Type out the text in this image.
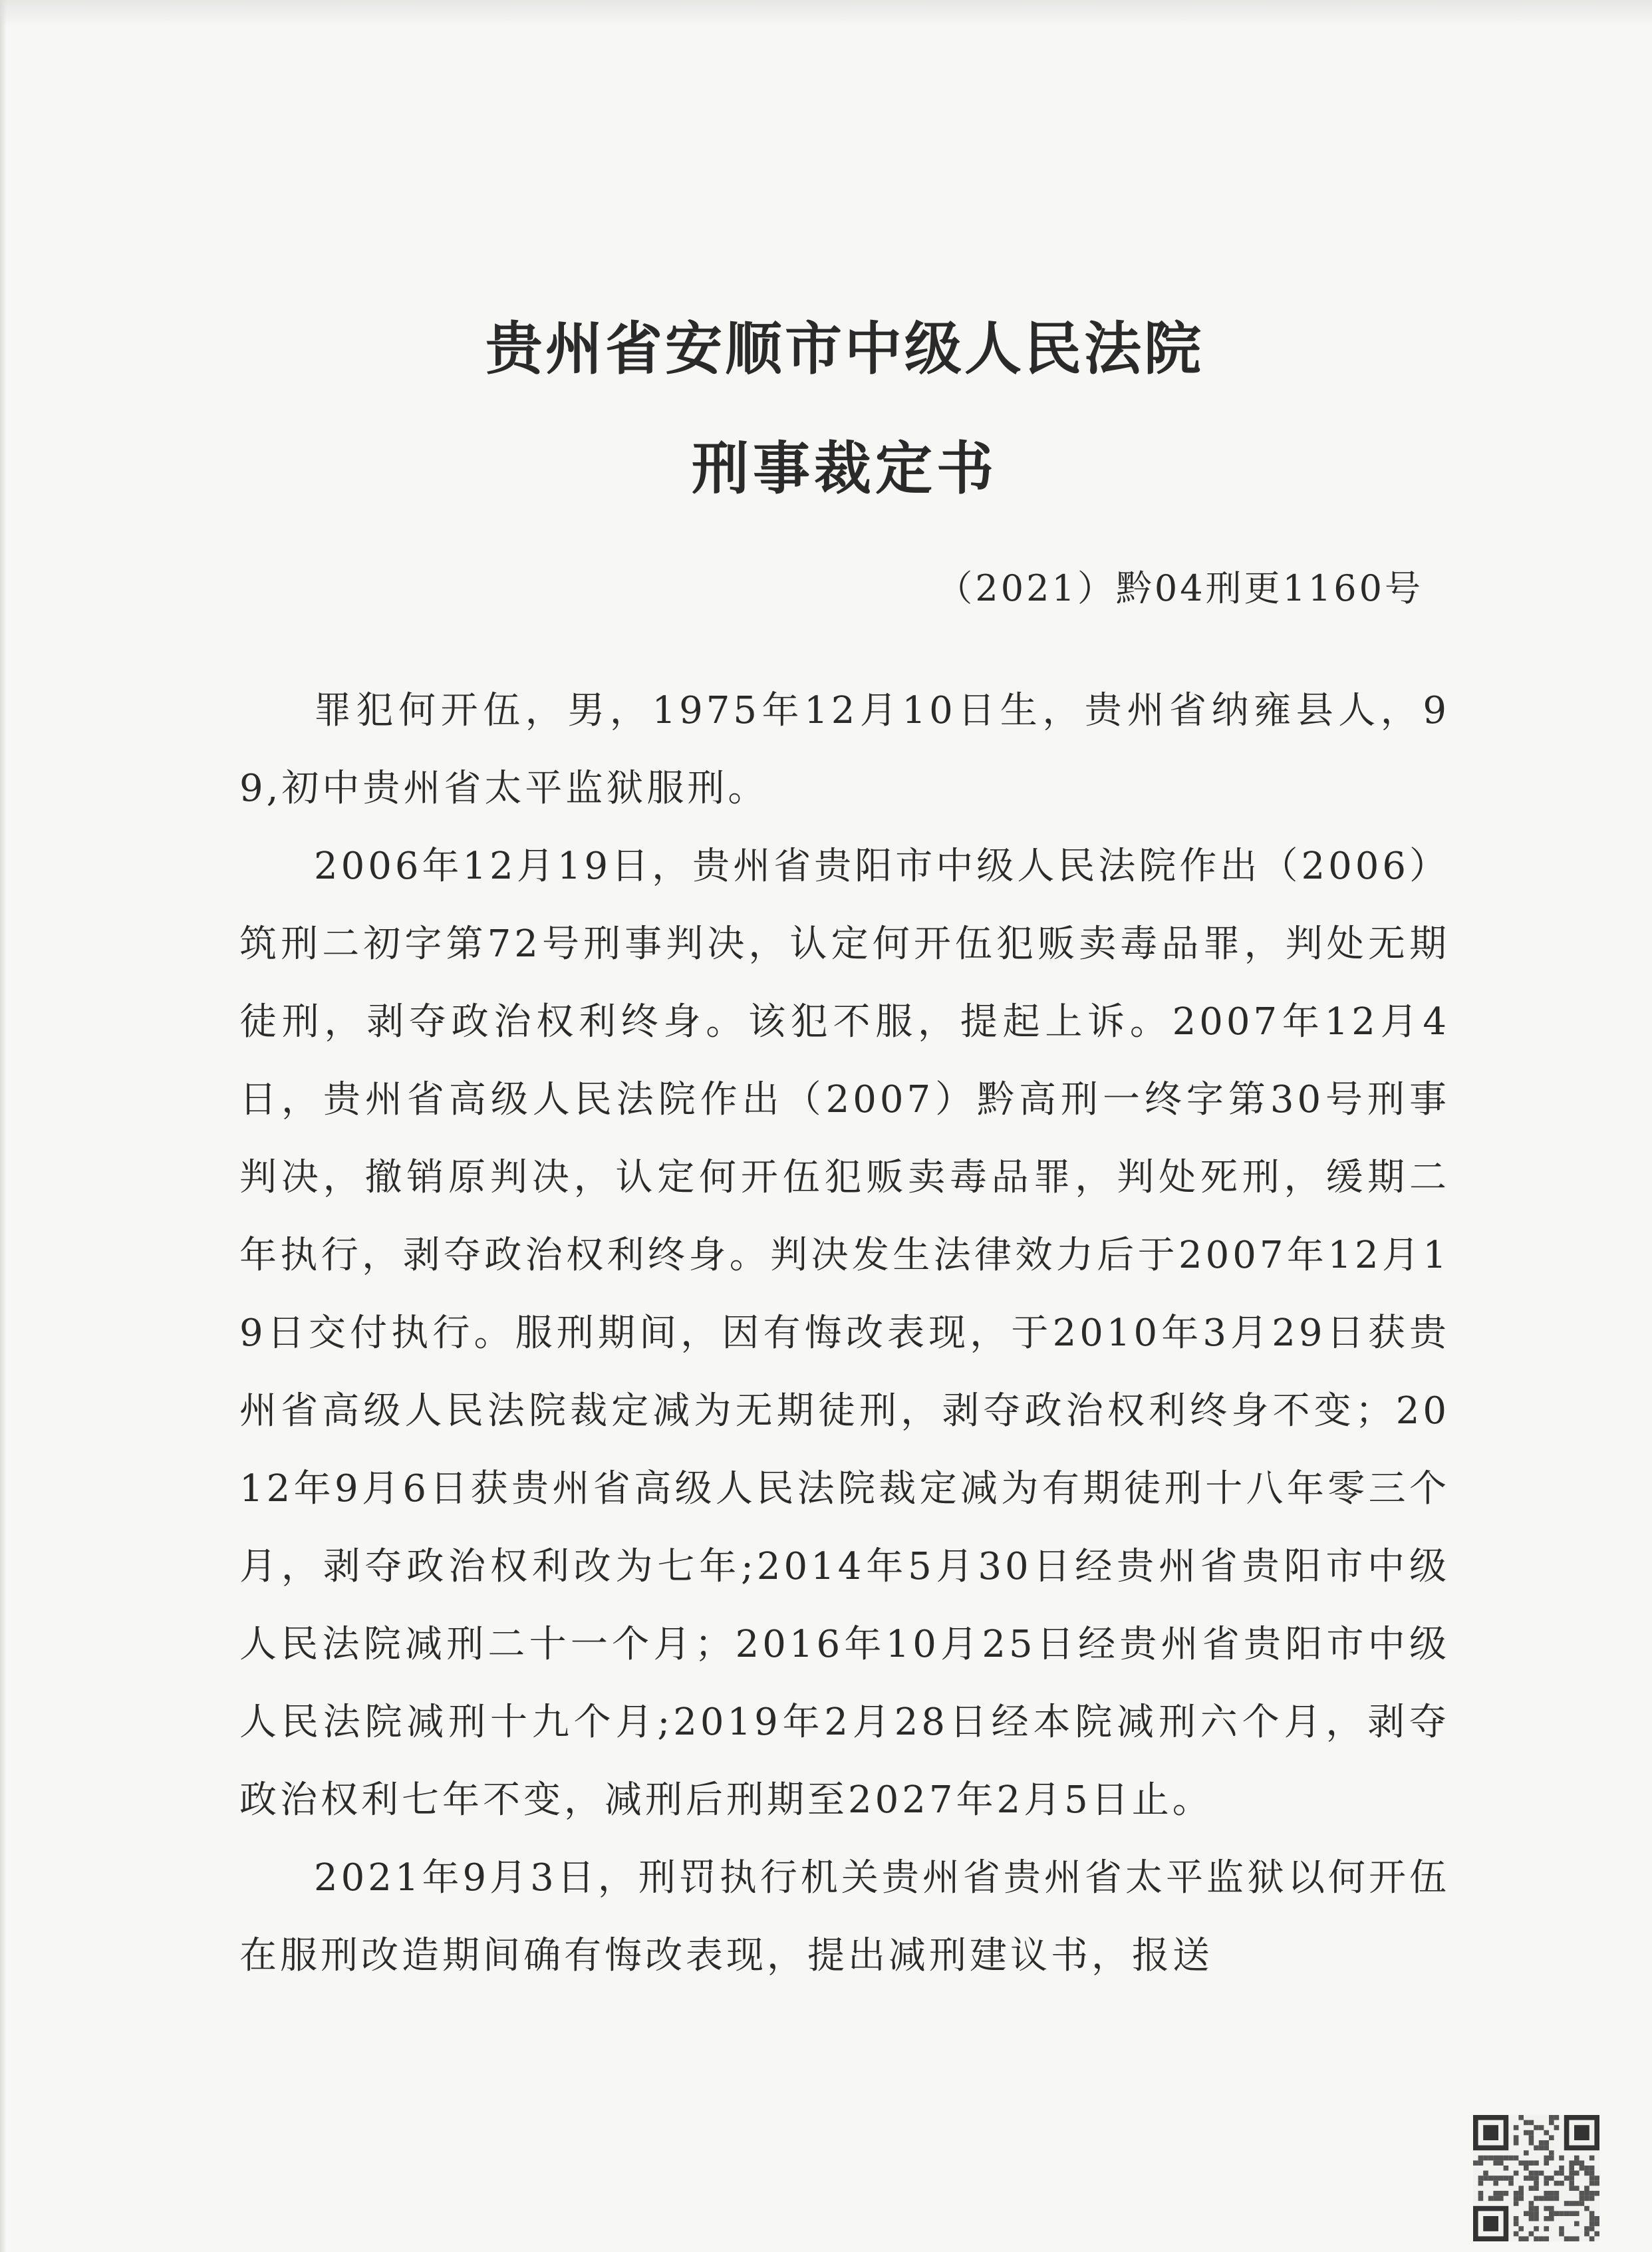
贵州省安顺市中级人民法院
刑事裁定书
（2021）黔04刑更1160号

罪犯何开伍，男，1975年12月10日生，贵州省纳雍县人，99,初中贵州省太平监狱服刑。

2006年12月19日，贵州省贵阳市中级人民法院作出（2006）筑刑二初字第72号刑事判决，认定何开伍犯贩卖毒品罪，判处无期徒刑，剥夺政治权利终身。该犯不服，提起上诉。2007年12月4日，贵州省高级人民法院作出（2007）黔高刑一终字第30号刑事判决，撤销原判决，认定何开伍犯贩卖毒品罪，判处死刑，缓期二年执行，剥夺政治权利终身。判决发生法律效力后于2007年12月19日交付执行。服刑期间，因有悔改表现，于2010年3月29日获贵州省高级人民法院裁定减为无期徒刑，剥夺政治权利终身不变；2012年9月6日获贵州省高级人民法院裁定减为有期徒刑十八年零三个月，剥夺政治权利改为七年;2014年5月30日经贵州省贵阳市中级人民法院减刑二十一个月；2016年10月25日经贵州省贵阳市中级人民法院减刑十九个月;2019年2月28日经本院减刑六个月，剥夺政治权利七年不变，减刑后刑期至2027年2月5日止。

2021年9月3日，刑罚执行机关贵州省贵州省太平监狱以何开伍在服刑改造期间确有悔改表现，提出减刑建议书，报送
